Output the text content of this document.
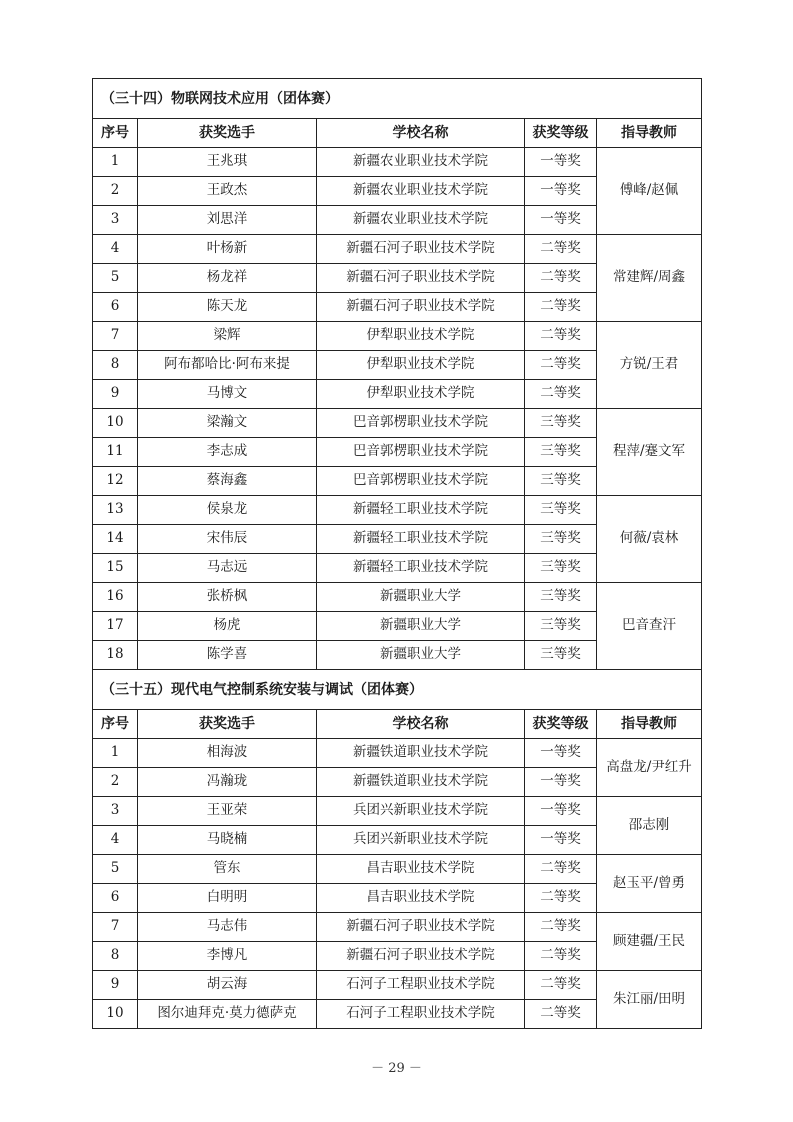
（三十四）物联网技术应用（团体赛）				
序号	获奖选手	学校名称	获奖等级	指导教师
1	王兆琪	新疆农业职业技术学院	一等奖	傅峰/赵佩
2	王政杰	新疆农业职业技术学院	一等奖	
3	刘思洋	新疆农业职业技术学院	一等奖	
4	叶杨新	新疆石河子职业技术学院	二等奖	常建辉/周鑫
5	杨龙祥	新疆石河子职业技术学院	二等奖	
6	陈天龙	新疆石河子职业技术学院	二等奖	
7	梁辉	伊犁职业技术学院	二等奖	方锐/王君
8	阿布都哈比·阿布来提	伊犁职业技术学院	二等奖	
9	马博文	伊犁职业技术学院	二等奖	
10	梁瀚文	巴音郭楞职业技术学院	三等奖	程萍/蹇文军
11	李志成	巴音郭楞职业技术学院	三等奖	
12	蔡海鑫	巴音郭楞职业技术学院	三等奖	
13	侯泉龙	新疆轻工职业技术学院	三等奖	何薇/袁林
14	宋伟辰	新疆轻工职业技术学院	三等奖	
15	马志远	新疆轻工职业技术学院	三等奖	
16	张桥枫	新疆职业大学	三等奖	巴音查汗
17	杨虎	新疆职业大学	三等奖	
18	陈学喜	新疆职业大学	三等奖	
（三十五）现代电气控制系统安装与调试（团体赛）				
序号	获奖选手	学校名称	获奖等级	指导教师
1	相海波	新疆铁道职业技术学院	一等奖	高盘龙/尹红升
2	冯瀚珑	新疆铁道职业技术学院	一等奖	
3	王亚荣	兵团兴新职业技术学院	一等奖	邵志刚
4	马晓楠	兵团兴新职业技术学院	一等奖	
5	管东	昌吉职业技术学院	二等奖	赵玉平/曾勇
6	白明明	昌吉职业技术学院	二等奖	
7	马志伟	新疆石河子职业技术学院	二等奖	顾建疆/王民
8	李博凡	新疆石河子职业技术学院	二等奖	
9	胡云海	石河子工程职业技术学院	二等奖	朱江丽/田明
10	图尔迪拜克·莫力德萨克	石河子工程职业技术学院	二等奖	
－ 29 －
